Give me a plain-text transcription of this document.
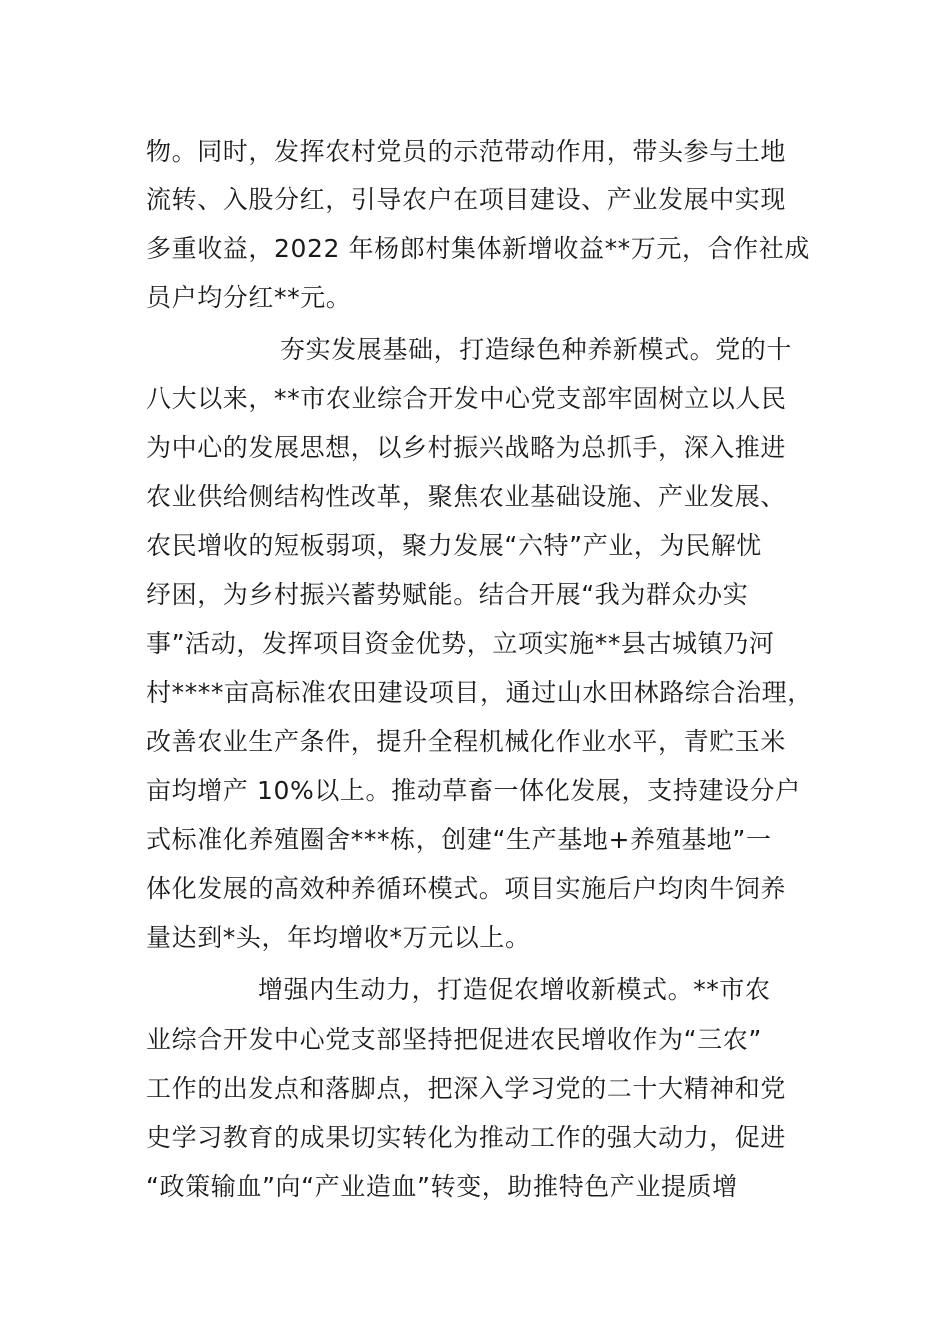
物。同时，发挥农村党员的示范带动作用，带头参与土地
流转、入股分红，引导农户在项目建设、产业发展中实现
多重收益，2022 年杨郎村集体新增收益**万元，合作社成
员户均分红**元。
夯实发展基础，打造绿色种养新模式。党的十
八大以来，**市农业综合开发中心党支部牢固树立以人民
为中心的发展思想，以乡村振兴战略为总抓手，深入推进
农业供给侧结构性改革，聚焦农业基础设施、产业发展、
农民增收的短板弱项，聚力发展“六特”产业，为民解忧
纾困，为乡村振兴蓄势赋能。结合开展“我为群众办实
事”活动，发挥项目资金优势，立项实施**县古城镇乃河
村****亩高标准农田建设项目，通过山水田林路综合治理，
改善农业生产条件，提升全程机械化作业水平，青贮玉米
亩均增产 10%以上。推动草畜一体化发展，支持建设分户
式标准化养殖圈舍***栋，创建“生产基地+养殖基地”一
体化发展的高效种养循环模式。项目实施后户均肉牛饲养
量达到*头，年均增收*万元以上。
增强内生动力，打造促农增收新模式。**市农
业综合开发中心党支部坚持把促进农民增收作为“三农”
工作的出发点和落脚点，把深入学习党的二十大精神和党
史学习教育的成果切实转化为推动工作的强大动力，促进
“政策输血”向“产业造血”转变，助推特色产业提质增
